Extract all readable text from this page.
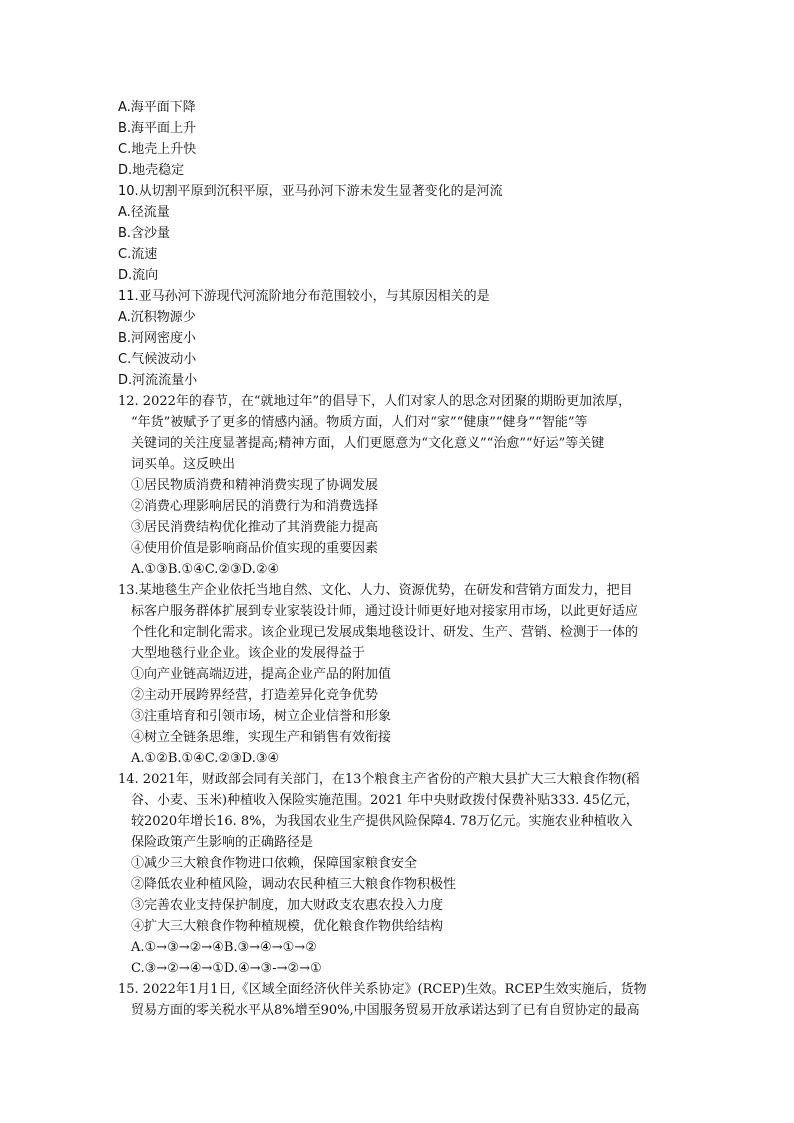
A.海平面下降
B.海平面上升
C.地壳上升快
D.地壳稳定
10.从切割平原到沉积平原，亚马孙河下游未发生显著变化的是河流
A.径流量
B.含沙量
C.流速
D.流向
11.亚马孙河下游现代河流阶地分布范围较小，与其原因相关的是
A.沉积物源少
B.河网密度小
C.气候波动小
D.河流流量小
12. 2022年的春节，在“就地过年”的倡导下，人们对家人的思念对团聚的期盼更加浓厚，
“年货”被赋予了更多的情感内涵。物质方面，人们对“家”“健康”“健身”“智能”等
关键词的关注度显著提高;精神方面，人们更愿意为“文化意义”“治愈”“好运”等关键
词买单。这反映出
①居民物质消费和精神消费实现了协调发展
②消费心理影响居民的消费行为和消费选择
③居民消费结构优化推动了其消费能力提高
④使用价值是影响商品价值实现的重要因素
A.①③B.①④C.②③D.②④
13.某地毯生产企业依托当地自然、文化、人力、资源优势，在研发和营销方面发力，把目
标客户服务群体扩展到专业家装设计师，通过设计师更好地对接家用市场，以此更好适应
个性化和定制化需求。该企业现已发展成集地毯设计、研发、生产、营销、检测于一体的
大型地毯行业企业。该企业的发展得益于
①向产业链高端迈进，提高企业产品的附加值
②主动开展跨界经营，打造差异化竞争优势
③注重培育和引领市场，树立企业信誉和形象
④树立全链条思维，实现生产和销售有效衔接
A.①②B.①④C.②③D.③④
14. 2021年，财政部会同有关部门，在13个粮食主产省份的产粮大县扩大三大粮食作物(稻
谷、小麦、玉米)种植收入保险实施范围。2021 年中央财政拨付保费补贴333. 45亿元，
较2020年增长16. 8%，为我国农业生产提供风险保障4. 78万亿元。实施农业种植收入
保险政策产生影响的正确路径是
①减少三大粮食作物进口依赖，保障国家粮食安全
②降低农业种植风险，调动农民种植三大粮食作物积极性
③完善农业支持保护制度，加大财政支农惠农投入力度
④扩大三大粮食作物种植规模，优化粮食作物供给结构
A.①→③→②→④B.③→④→①→②
C.③→②→④→①D.④→③-→②→①
15. 2022年1月1日,《区域全面经济伙伴关系协定》(RCEP)生效。RCEP生效实施后，货物
贸易方面的零关税水平从8%增至90%,中国服务贸易开放承诺达到了已有自贸协定的最高
